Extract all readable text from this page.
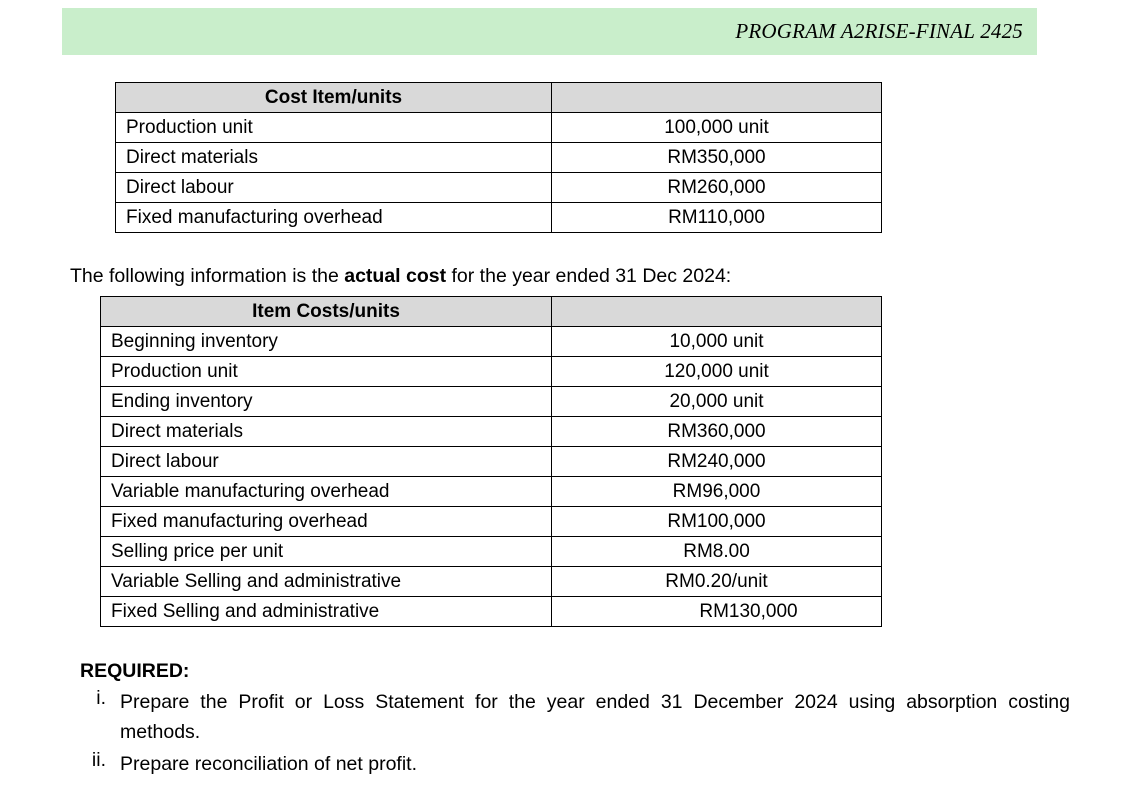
PROGRAM A2RISE-FINAL 2425
Cost Item/units	
Production unit	100,000 unit
Direct materials	RM350,000
Direct labour	RM260,000
Fixed manufacturing overhead	RM110,000

The following information is the actual cost for the year ended 31 Dec 2024:

Item Costs/units	
Beginning inventory	10,000 unit
Production unit	120,000 unit
Ending inventory	20,000 unit
Direct materials	RM360,000
Direct labour	RM240,000
Variable manufacturing overhead	RM96,000
Fixed manufacturing overhead	RM100,000
Selling price per unit	RM8.00
Variable Selling and administrative	RM0.20/unit
Fixed Selling and administrative	RM130,000
REQUIRED:
i. Prepare the Profit or Loss Statement for the year ended 31 December 2024 using absorption costing methods.
ii. Prepare reconciliation of net profit.
